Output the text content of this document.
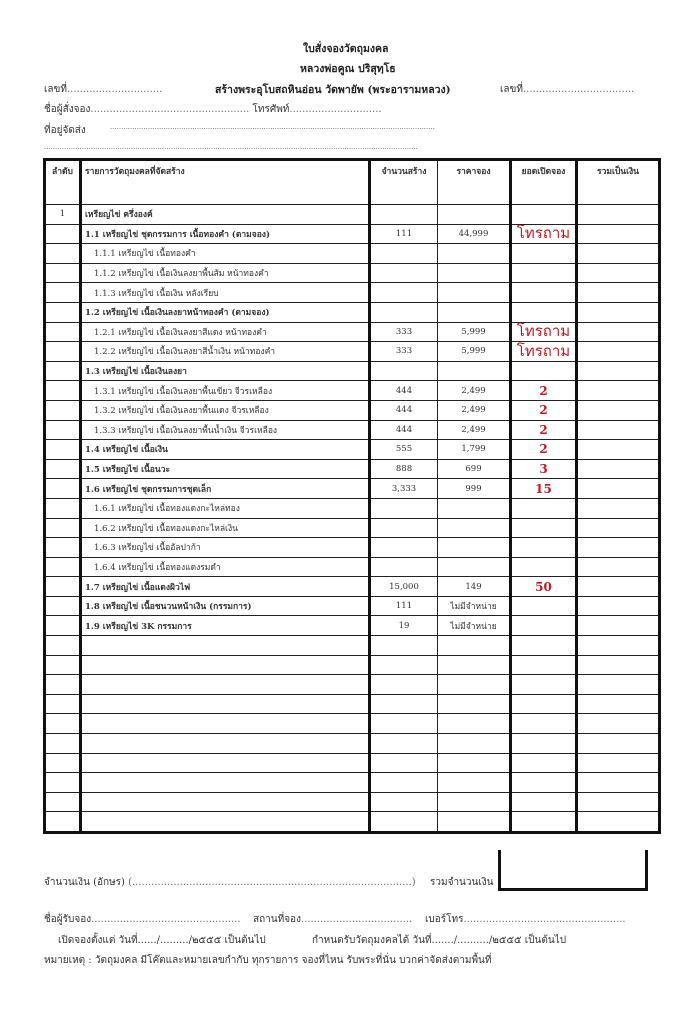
ใบสั่งจองวัตถุมงคล
หลวงพ่อคูณ ปริสุทฺโธ
สร้างพระอุโบสถหินอ่อน วัดพายัพ (พระอารามหลวง)
เลขที่..............................	เลขที่...................................
ชื่อผู้สั่งจอง.................................................. โทรศัพท์.............................
ที่อยู่จัดส่ง	..................................................................................................................................................
........................................................................................................................................................................
ลำดับ	รายการวัตถุมงคลที่จัดสร้าง	จำนวนสร้าง	ราคาจอง	ยอดเปิดจอง	รวมเป็นเงิน
1	เหรียญไข่ ครึ่งองค์				
	1.1 เหรียญไข่ ชุดกรรมการ เนื้อทองคำ (ตามจอง)	111	44,999	โทรถาม	
	1.1.1 เหรียญไข่ เนื้อทองคำ				
	1.1.2 เหรียญไข่ เนื้อเงินลงยาพื้นส้ม หน้าทองคำ				
	1.1.3 เหรียญไข่ เนื้อเงิน หลังเรียบ				
	1.2 เหรียญไข่ เนื้อเงินลงยาหน้าทองคำ (ตามจอง)				
	1.2.1 เหรียญไข่ เนื้อเงินลงยาสีแดง หน้าทองคำ	333	5,999	โทรถาม	
	1.2.2 เหรียญไข่ เนื้อเงินลงยาสีน้ำเงิน หน้าทองคำ	333	5,999	โทรถาม	
	1.3 เหรียญไข่ เนื้อเงินลงยา				
	1.3.1 เหรียญไข่ เนื้อเงินลงยาพื้นเขียว จีวรเหลือง	444	2,499	2	
	1.3.2 เหรียญไข่ เนื้อเงินลงยาพื้นแดง จีวรเหลือง	444	2,499	2	
	1.3.3 เหรียญไข่ เนื้อเงินลงยาพื้นน้ำเงิน จีวรเหลือง	444	2,499	2	
	1.4 เหรียญไข่ เนื้อเงิน	555	1,799	2	
	1.5 เหรียญไข่ เนื้อนวะ	888	699	3	
	1.6 เหรียญไข่ ชุดกรรมการชุดเล็ก	3,333	999	15	
	1.6.1 เหรียญไข่ เนื้อทองแดงกะไหล่ทอง				
	1.6.2 เหรียญไข่ เนื้อทองแดงกะไหล่เงิน				
	1.6.3 เหรียญไข่ เนื้ออัลปาก้า				
	1.6.4 เหรียญไข่ เนื้อทองแดงรมดำ				
	1.7 เหรียญไข่ เนื้อแดงผิวไฟ	15,000	149	50	
	1.8 เหรียญไข่ เนื้อชนวนหน้าเงิน (กรรมการ)	111	ไม่มีจำหน่าย		
	1.9 เหรียญไข่ 3K กรรมการ	19	ไม่มีจำหน่าย		

จำนวนเงิน (อักษร) (........................................................................................) รวมจำนวนเงิน
ชื่อผู้รับจอง............................................... สถานที่จอง................................... เบอร์โทร...................................................
เปิดจองตั้งแต่ วันที่....../........./๒๕๕๕ เป็นต้นไป	กำหนดรับวัตถุมงคลได้ วันที่......./........../๒๕๕๕ เป็นต้นไป
หมายเหตุ : วัตถุมงคล มีโค๊ตและหมายเลขกำกับ ทุกรายการ จองที่ไหน รับพระที่นั่น บวกค่าจัดส่งตามพื้นที่
